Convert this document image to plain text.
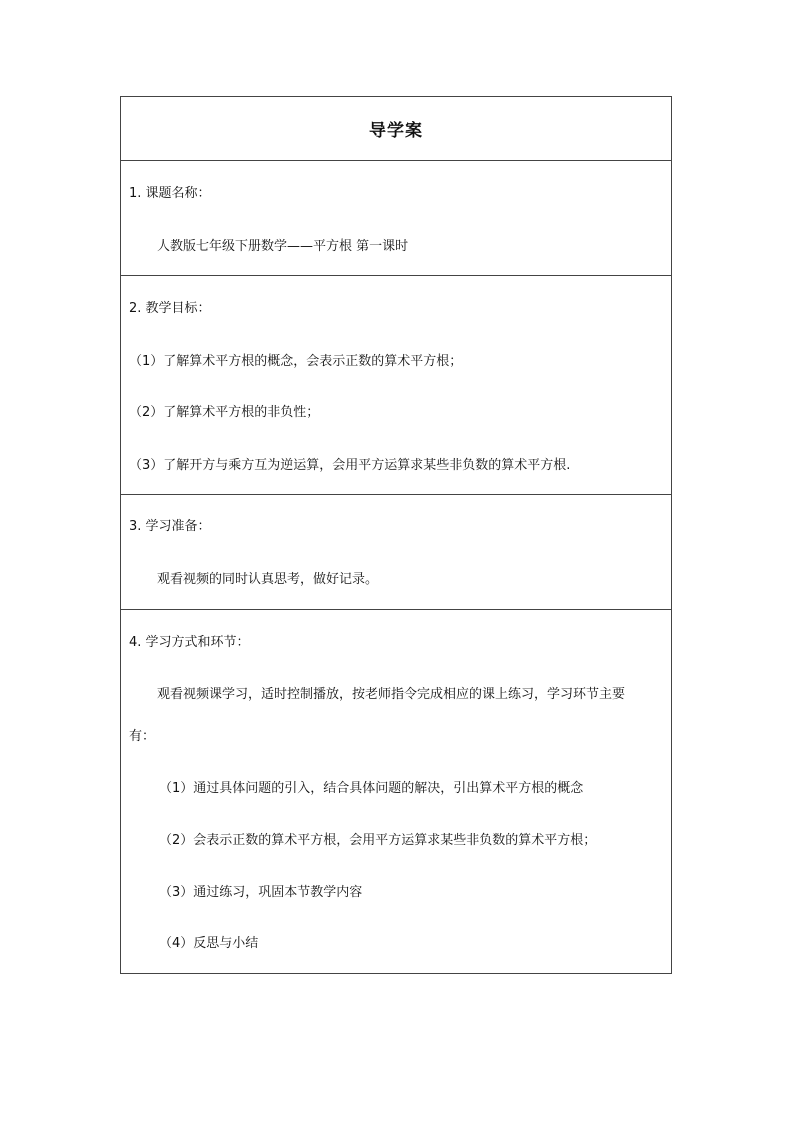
导学案
1. 课题名称：
人教版七年级下册数学——平方根 第一课时
2. 教学目标：
（1）了解算术平方根的概念，会表示正数的算术平方根；
（2）了解算术平方根的非负性；
（3）了解开方与乘方互为逆运算，会用平方运算求某些非负数的算术平方根.
3. 学习准备：
观看视频的同时认真思考，做好记录。
4. 学习方式和环节：
观看视频课学习，适时控制播放，按老师指令完成相应的课上练习，学习环节主要
有：
（1）通过具体问题的引入，结合具体问题的解决，引出算术平方根的概念
（2）会表示正数的算术平方根，会用平方运算求某些非负数的算术平方根；
（3）通过练习，巩固本节教学内容
（4）反思与小结
